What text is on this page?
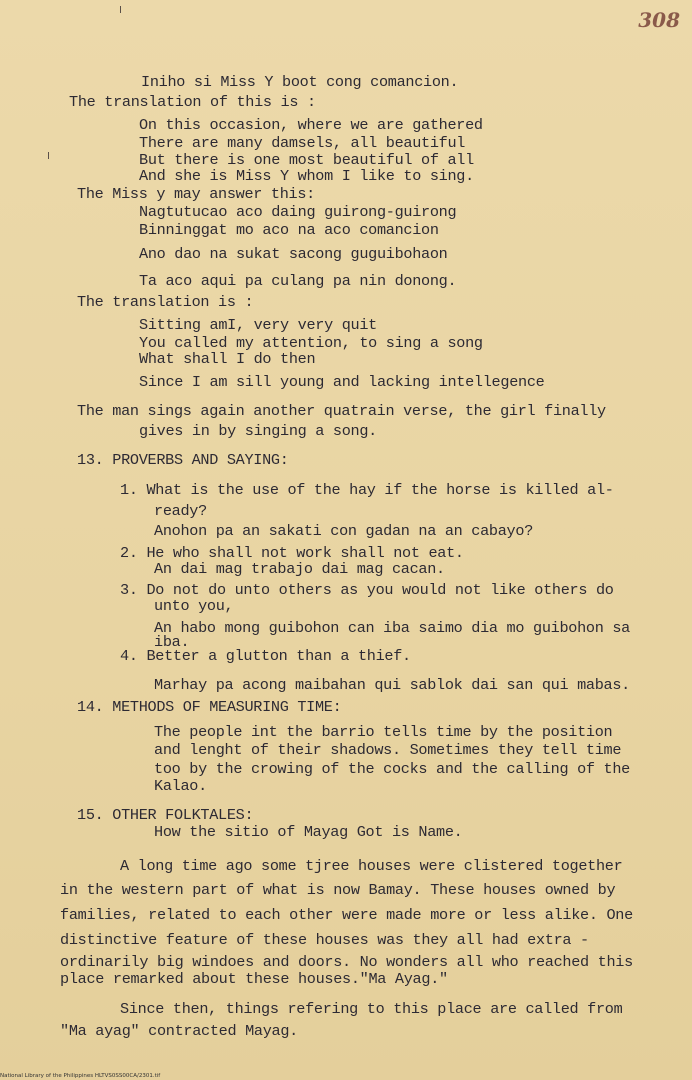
308
Iniho si Miss Y boot cong comancion.
The translation of this is :
On this occasion, where we are gathered
There are many damsels, all beautiful
But there is one most beautiful of all
And she is Miss Y whom I like to sing.
The Miss y may answer this:
Nagtutucao aco daing guirong-guirong
Binninggat mo aco na aco comancion
Ano dao na sukat sacong guguibohaon
Ta aco aqui pa culang pa nin donong.
The translation is :
Sitting amI, very very quit
You called my attention, to sing a song
What shall I do then
Since I am sill young and lacking intellegence
The man sings again another quatrain verse, the girl finally
gives in by singing a song.
13. PROVERBS AND SAYING:
1. What is the use of the hay if the horse is killed al-
ready?
Anohon pa an sakati con gadan na an cabayo?
2. He who shall not work shall not eat.
An dai mag trabajo dai mag cacan.
3. Do not do unto others as you would not like others do
unto you,
An habo mong guibohon can iba saimo dia mo guibohon sa
iba.
4. Better a glutton than a thief.
Marhay pa acong maibahan qui sablok dai san qui mabas.
14. METHODS OF MEASURING TIME:
The people int the barrio tells time by the position
and lenght of their shadows. Sometimes they tell time
too by the crowing of the cocks and the calling of the
Kalao.
15. OTHER FOLKTALES:
How the sitio of Mayag Got is Name.
A long time ago some tjree houses were clistered together
in the western part of what is now Bamay. These houses owned by
families, related to each other were made more or less alike. One
distinctive feature of these houses was they all had extra -
ordinarily big windoes and doors. No wonders all who reached this
place remarked about these houses."Ma Ayag."
Since then, things refering to this place are called from
"Ma ayag" contracted Mayag.
National Library of the Philippines HLTVS0SS00CA/2301.tif
